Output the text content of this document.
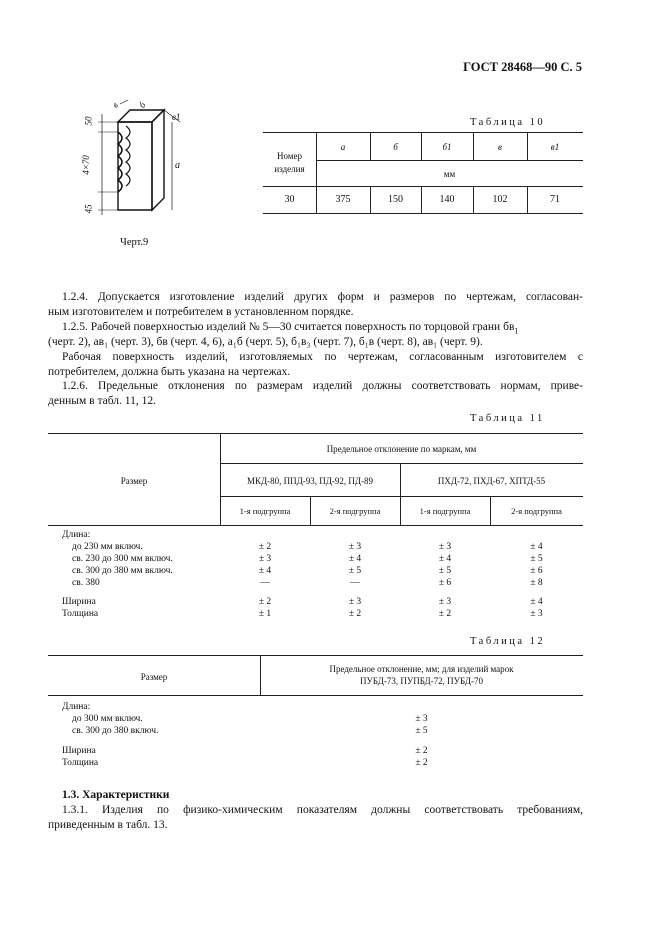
ГОСТ 28468—90 С. 5
50
4×70
45
в б
в1
а
Черт.9
Таблица 10
Номер изделия
а	б	б1	в	в1
мм
30	375	150	140	102	71
1.2.4. Допускается изготовление изделий других форм и размеров по чертежам, согласован-
ным изготовителем и потребителем в установленном порядке.
1.2.5. Рабочей поверхностью изделий № 5—30 считается поверхность по торцовой грани $бв_1$
(черт. 2), ав₁ (черт. 3), бв (черт. 4, 6), а₁б (черт. 5), б₁в₃ (черт. 7), б₁в (черт. 8), ав₁ (черт. 9).
Рабочая поверхность изделий, изготовляемых по чертежам, согласованным изготовителем с
потребителем, должна быть указана на чертежах.
1.2.6. Предельные отклонения по размерам изделий должны соответствовать нормам, приве-
денным в табл. 11, 12.
Таблица 11
Размер
Предельное отклонение по маркам, мм
МКД-80, ППД-93, ПД-92, ПД-89	ПХД-72, ПХД-67, ХПТД-55
1-я подгруппа	2-я подгруппа	1-я подгруппа	2-я подгруппа
Длина:
до 230 мм включ.	± 2	± 3	± 3	± 4
св. 230 до 300 мм включ.	± 3	± 4	± 4	± 5
св. 300 до 380 мм включ.	± 4	± 5	± 5	± 6
св. 380	—	—	± 6	± 8
Ширина	± 2	± 3	± 3	± 4
Толщина	± 1	± 2	± 2	± 3
Таблица 12
Размер
Предельное отклонение, мм; для изделий марок
ПУБД-73, ПУПБД-72, ПУБД-70
Длина:
до 300 мм включ.	± 3
св. 300 до 380 включ.	± 5
Ширина	± 2
Толщина	± 2
1.3. Характеристики
1.3.1. Изделия по физико-химическим показателям должны соответствовать требованиям,
приведенным в табл. 13.
